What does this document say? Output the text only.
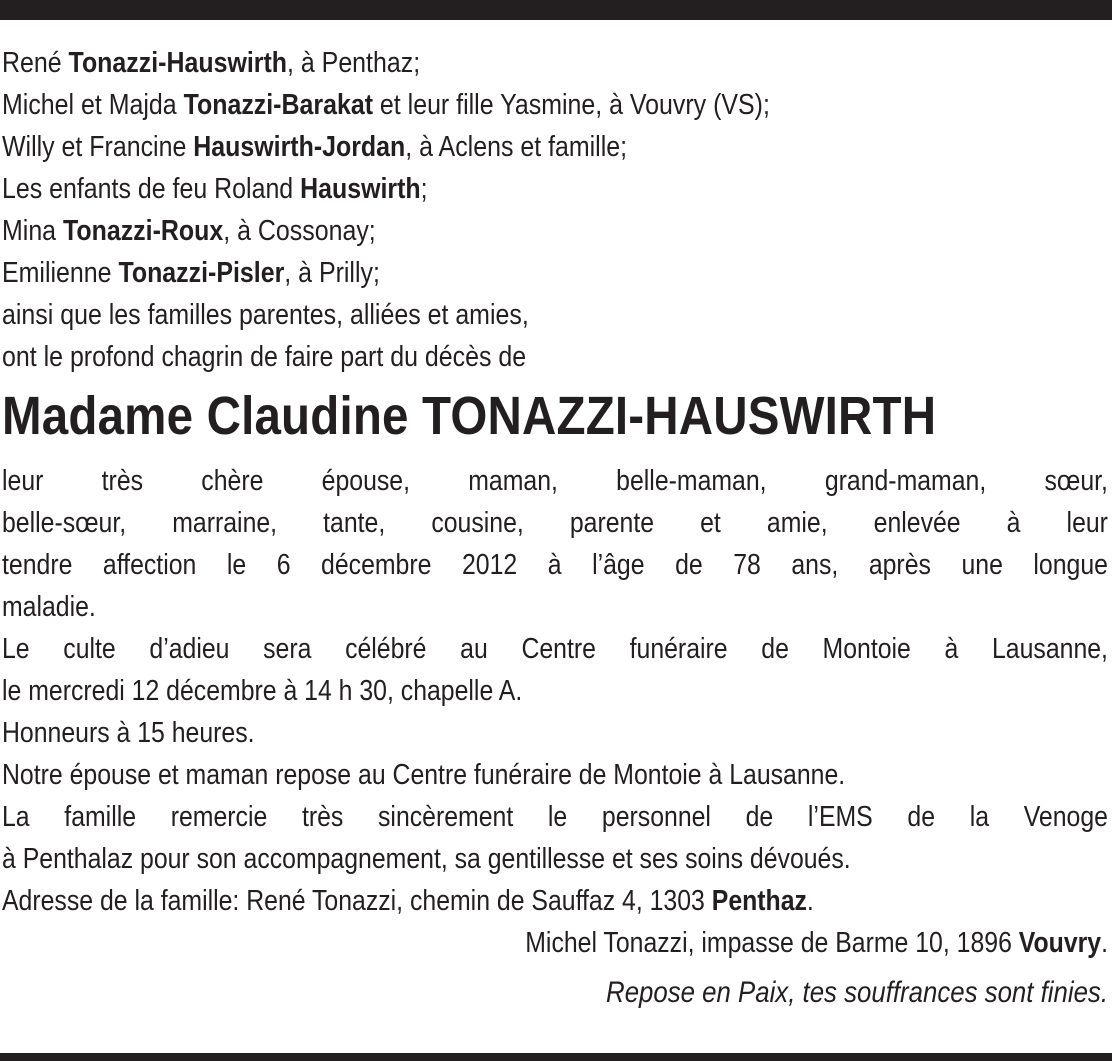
René Tonazzi-Hauswirth, à Penthaz;
Michel et Majda Tonazzi-Barakat et leur fille Yasmine, à Vouvry (VS);
Willy et Francine Hauswirth-Jordan, à Aclens et famille;
Les enfants de feu Roland Hauswirth;
Mina Tonazzi-Roux, à Cossonay;
Emilienne Tonazzi-Pisler, à Prilly;
ainsi que les familles parentes, alliées et amies,
ont le profond chagrin de faire part du décès de
Madame Claudine TONAZZI-HAUSWIRTH
leur très chère épouse, maman, belle-maman, grand-maman, sœur,
belle-sœur, marraine, tante, cousine, parente et amie, enlevée à leur
tendre affection le 6 décembre 2012 à l’âge de 78 ans, après une longue
maladie.
Le culte d’adieu sera célébré au Centre funéraire de Montoie à Lausanne,
le mercredi 12 décembre à 14 h 30, chapelle A.
Honneurs à 15 heures.
Notre épouse et maman repose au Centre funéraire de Montoie à Lausanne.
La famille remercie très sincèrement le personnel de l’EMS de la Venoge
à Penthalaz pour son accompagnement, sa gentillesse et ses soins dévoués.
Adresse de la famille: René Tonazzi, chemin de Sauffaz 4, 1303 Penthaz.
Michel Tonazzi, impasse de Barme 10, 1896 Vouvry.
Repose en Paix, tes souffrances sont finies.
